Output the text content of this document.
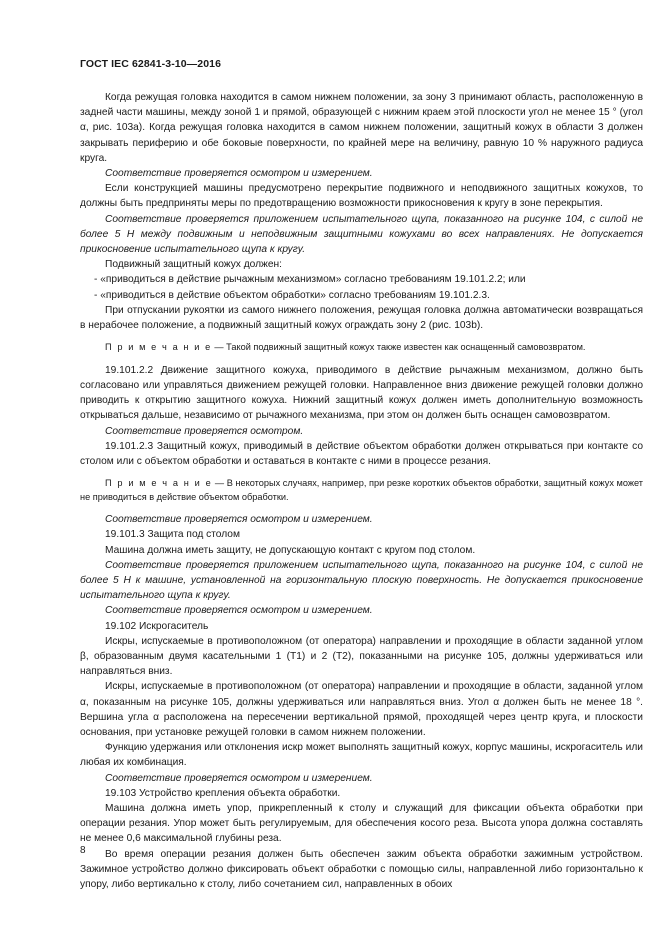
ГОСТ IEC 62841-3-10—2016

Когда режущая головка находится в самом нижнем положении, за зону 3 принимают область, расположенную в задней части машины, между зоной 1 и прямой, образующей с нижним краем этой плоскости угол не менее 15 ° (угол α, рис. 103а). Когда режущая головка находится в самом нижнем положении, защитный кожух в области 3 должен закрывать периферию и обе боковые поверхности, по крайней мере на величину, равную 10 % наружного радиуса круга.

Соответствие проверяется осмотром и измерением.

Если конструкцией машины предусмотрено перекрытие подвижного и неподвижного защитных кожухов, то должны быть предприняты меры по предотвращению возможности прикосновения к кругу в зоне перекрытия.

Соответствие проверяется приложением испытательного щупа, показанного на рисунке 104, с силой не более 5 Н между подвижным и неподвижным защитными кожухами во всех направлениях. Не допускается прикосновение испытательного щупа к кругу.

Подвижный защитный кожух должен:

- «приводиться в действие рычажным механизмом» согласно требованиям 19.101.2.2; или

- «приводиться в действие объектом обработки» согласно требованиям 19.101.2.3.

При отпускании рукоятки из самого нижнего положения, режущая головка должна автоматически возвращаться в нерабочее положение, а подвижный защитный кожух ограждать зону 2 (рис. 103b).

П р и м е ч а н и е — Такой подвижный защитный кожух также известен как оснащенный самовозвратом.

19.101.2.2 Движение защитного кожуха, приводимого в действие рычажным механизмом, должно быть согласовано или управляться движением режущей головки. Направленное вниз движение режущей головки должно приводить к открытию защитного кожуха. Нижний защитный кожух должен иметь дополнительную возможность открываться дальше, независимо от рычажного механизма, при этом он должен быть оснащен самовозвратом.

Соответствие проверяется осмотром.

19.101.2.3 Защитный кожух, приводимый в действие объектом обработки должен открываться при контакте со столом или с объектом обработки и оставаться в контакте с ними в процессе резания.

П р и м е ч а н и е — В некоторых случаях, например, при резке коротких объектов обработки, защитный кожух может не приводиться в действие объектом обработки.

Соответствие проверяется осмотром и измерением.

19.101.3 Защита под столом

Машина должна иметь защиту, не допускающую контакт с кругом под столом.

Соответствие проверяется приложением испытательного щупа, показанного на рисунке 104, с силой не более 5 Н к машине, установленной на горизонтальную плоскую поверхность. Не допускается прикосновение испытательного щупа к кругу.

Соответствие проверяется осмотром и измерением.

19.102 Искрогаситель

Искры, испускаемые в противоположном (от оператора) направлении и проходящие в области заданной углом β, образованным двумя касательными 1 (Т1) и 2 (Т2), показанными на рисунке 105, должны удерживаться или направляться вниз.

Искры, испускаемые в противоположном (от оператора) направлении и проходящие в области, заданной углом α, показанным на рисунке 105, должны удерживаться или направляться вниз. Угол α должен быть не менее 18 °. Вершина угла α расположена на пересечении вертикальной прямой, проходящей через центр круга, и плоскости основания, при установке режущей головки в самом нижнем положении.

Функцию удержания или отклонения искр может выполнять защитный кожух, корпус машины, искрогаситель или любая их комбинация.

Соответствие проверяется осмотром и измерением.

19.103 Устройство крепления объекта обработки.

Машина должна иметь упор, прикрепленный к столу и служащий для фиксации объекта обработки при операции резания. Упор может быть регулируемым, для обеспечения косого реза. Высота упора должна составлять не менее 0,6 максимальной глубины реза.

Во время операции резания должен быть обеспечен зажим объекта обработки зажимным устройством. Зажимное устройство должно фиксировать объект обработки с помощью силы, направленной либо горизонтально к упору, либо вертикально к столу, либо сочетанием сил, направленных в обоих

8
